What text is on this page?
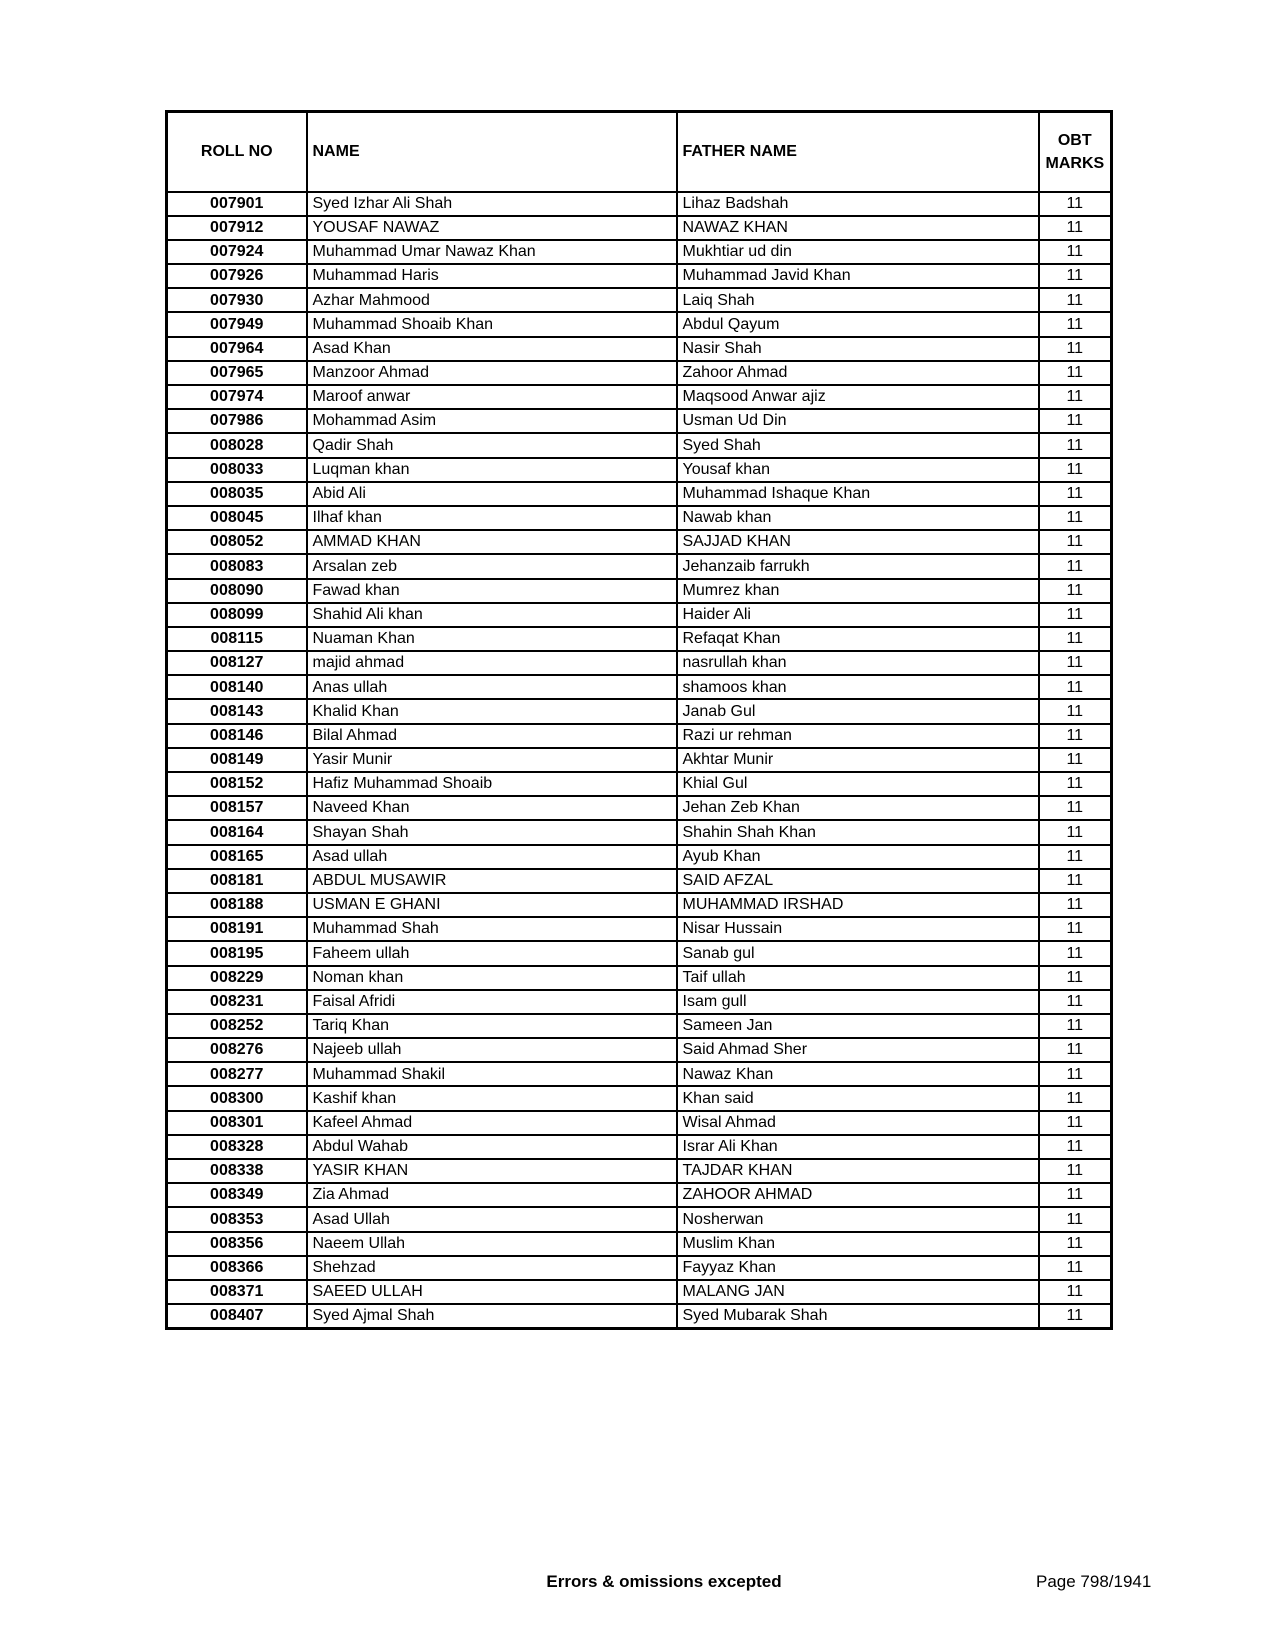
ROLL NO	NAME	FATHER NAME	OBT MARKS
007901	Syed Izhar Ali Shah	Lihaz Badshah	11
007912	YOUSAF NAWAZ	NAWAZ KHAN	11
007924	Muhammad Umar Nawaz Khan	Mukhtiar ud din	11
007926	Muhammad Haris	Muhammad Javid Khan	11
007930	Azhar Mahmood	Laiq Shah	11
007949	Muhammad Shoaib Khan	Abdul Qayum	11
007964	Asad Khan	Nasir Shah	11
007965	Manzoor Ahmad	Zahoor Ahmad	11
007974	Maroof anwar	Maqsood Anwar ajiz	11
007986	Mohammad Asim	Usman Ud Din	11
008028	Qadir Shah	Syed Shah	11
008033	Luqman khan	Yousaf khan	11
008035	Abid Ali	Muhammad Ishaque Khan	11
008045	Ilhaf khan	Nawab khan	11
008052	AMMAD KHAN	SAJJAD KHAN	11
008083	Arsalan zeb	Jehanzaib farrukh	11
008090	Fawad khan	Mumrez khan	11
008099	Shahid Ali khan	Haider Ali	11
008115	Nuaman Khan	Refaqat Khan	11
008127	majid ahmad	nasrullah khan	11
008140	Anas ullah	shamoos khan	11
008143	Khalid Khan	Janab Gul	11
008146	Bilal Ahmad	Razi ur rehman	11
008149	Yasir Munir	Akhtar Munir	11
008152	Hafiz Muhammad Shoaib	Khial Gul	11
008157	Naveed Khan	Jehan Zeb Khan	11
008164	Shayan Shah	Shahin Shah Khan	11
008165	Asad ullah	Ayub Khan	11
008181	ABDUL MUSAWIR	SAID AFZAL	11
008188	USMAN E GHANI	MUHAMMAD IRSHAD	11
008191	Muhammad Shah	Nisar Hussain	11
008195	Faheem ullah	Sanab gul	11
008229	Noman khan	Taif ullah	11
008231	Faisal Afridi	Isam gull	11
008252	Tariq Khan	Sameen Jan	11
008276	Najeeb ullah	Said Ahmad Sher	11
008277	Muhammad Shakil	Nawaz Khan	11
008300	Kashif khan	Khan said	11
008301	Kafeel Ahmad	Wisal Ahmad	11
008328	Abdul Wahab	Israr Ali Khan	11
008338	YASIR KHAN	TAJDAR KHAN	11
008349	Zia Ahmad	ZAHOOR AHMAD	11
008353	Asad Ullah	Nosherwan	11
008356	Naeem Ullah	Muslim Khan	11
008366	Shehzad	Fayyaz Khan	11
008371	SAEED ULLAH	MALANG JAN	11
008407	Syed Ajmal Shah	Syed Mubarak Shah	11
Errors & omissions excepted	Page 798/1941
